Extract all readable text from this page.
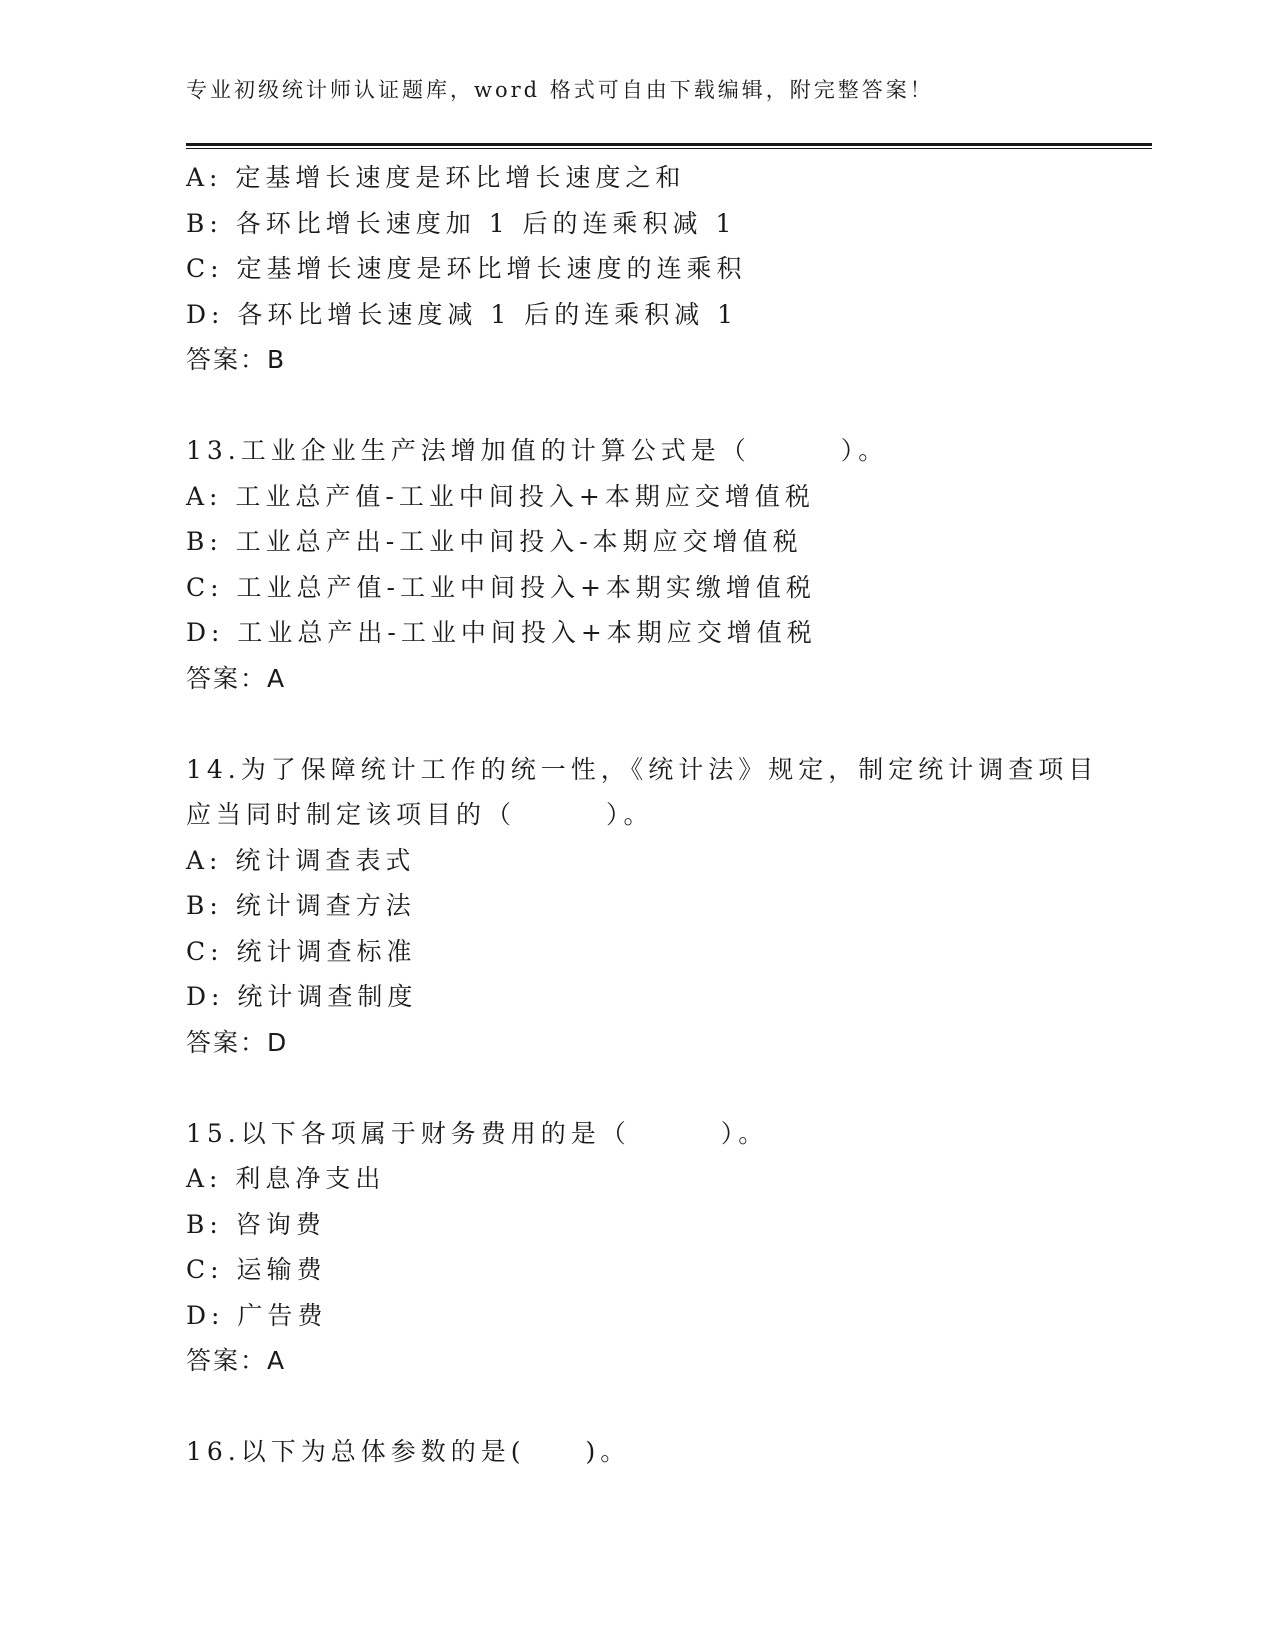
专业初级统计师认证题库，word 格式可自由下载编辑，附完整答案！
A: 定基增长速度是环比增长速度之和
B: 各环比增长速度加 1 后的连乘积减 1
C: 定基增长速度是环比增长速度的连乘积
D: 各环比增长速度减 1 后的连乘积减 1
答案：B
13.工业企业生产法增加值的计算公式是（　　　）。
A: 工业总产值-工业中间投入+本期应交增值税
B: 工业总产出-工业中间投入-本期应交增值税
C: 工业总产值-工业中间投入+本期实缴增值税
D: 工业总产出-工业中间投入+本期应交增值税
答案：A
14.为了保障统计工作的统一性，《统计法》规定，制定统计调查项目
应当同时制定该项目的（　　　）。
A: 统计调查表式
B: 统计调查方法
C: 统计调查标准
D: 统计调查制度
答案：D
15.以下各项属于财务费用的是（　　　）。
A: 利息净支出
B: 咨询费
C: 运输费
D: 广告费
答案：A
16.以下为总体参数的是(　　)。
